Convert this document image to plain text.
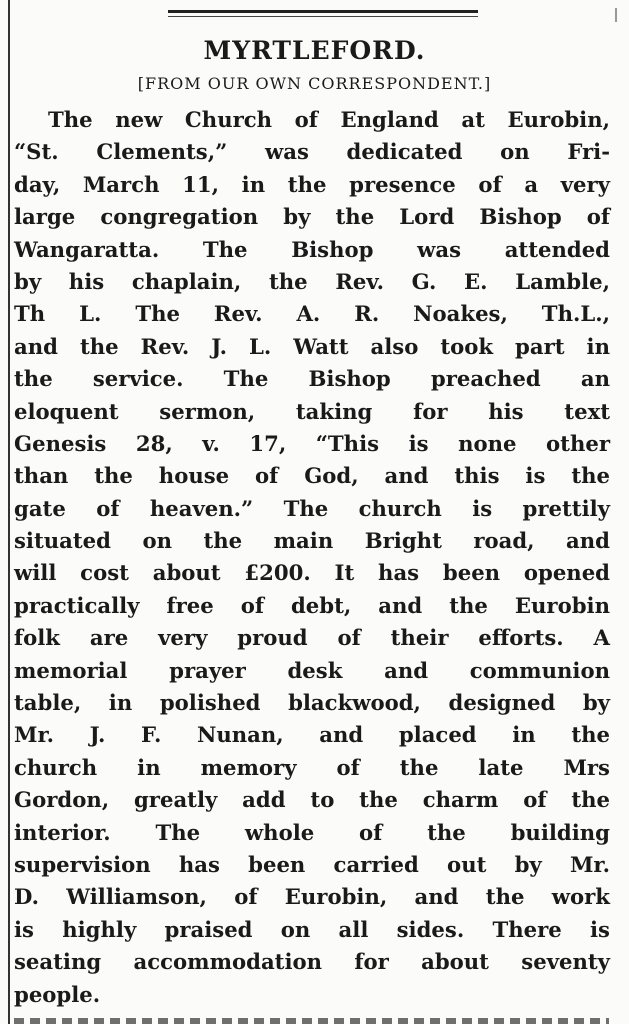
MYRTLEFORD.
[FROM OUR OWN CORRESPONDENT.]
The new Church of England at Eurobin,
“St. Clements,” was dedicated on Fri-
day, March 11, in the presence of a very
large congregation by the Lord Bishop of
Wangaratta. The Bishop was attended
by his chaplain, the Rev. G. E. Lamble,
Th L. The Rev. A. R. Noakes, Th.L.,
and the Rev. J. L. Watt also took part in
the service. The Bishop preached an
eloquent sermon, taking for his text
Genesis 28, v. 17, “This is none other
than the house of God, and this is the
gate of heaven.” The church is prettily
situated on the main Bright road, and
will cost about £200. It has been opened
practically free of debt, and the Eurobin
folk are very proud of their efforts. A
memorial prayer desk and communion
table, in polished blackwood, designed by
Mr. J. F. Nunan, and placed in the
church in memory of the late Mrs
Gordon, greatly add to the charm of the
interior. The whole of the building
supervision has been carried out by Mr.
D. Williamson, of Eurobin, and the work
is highly praised on all sides. There is
seating accommodation for about seventy
people.
